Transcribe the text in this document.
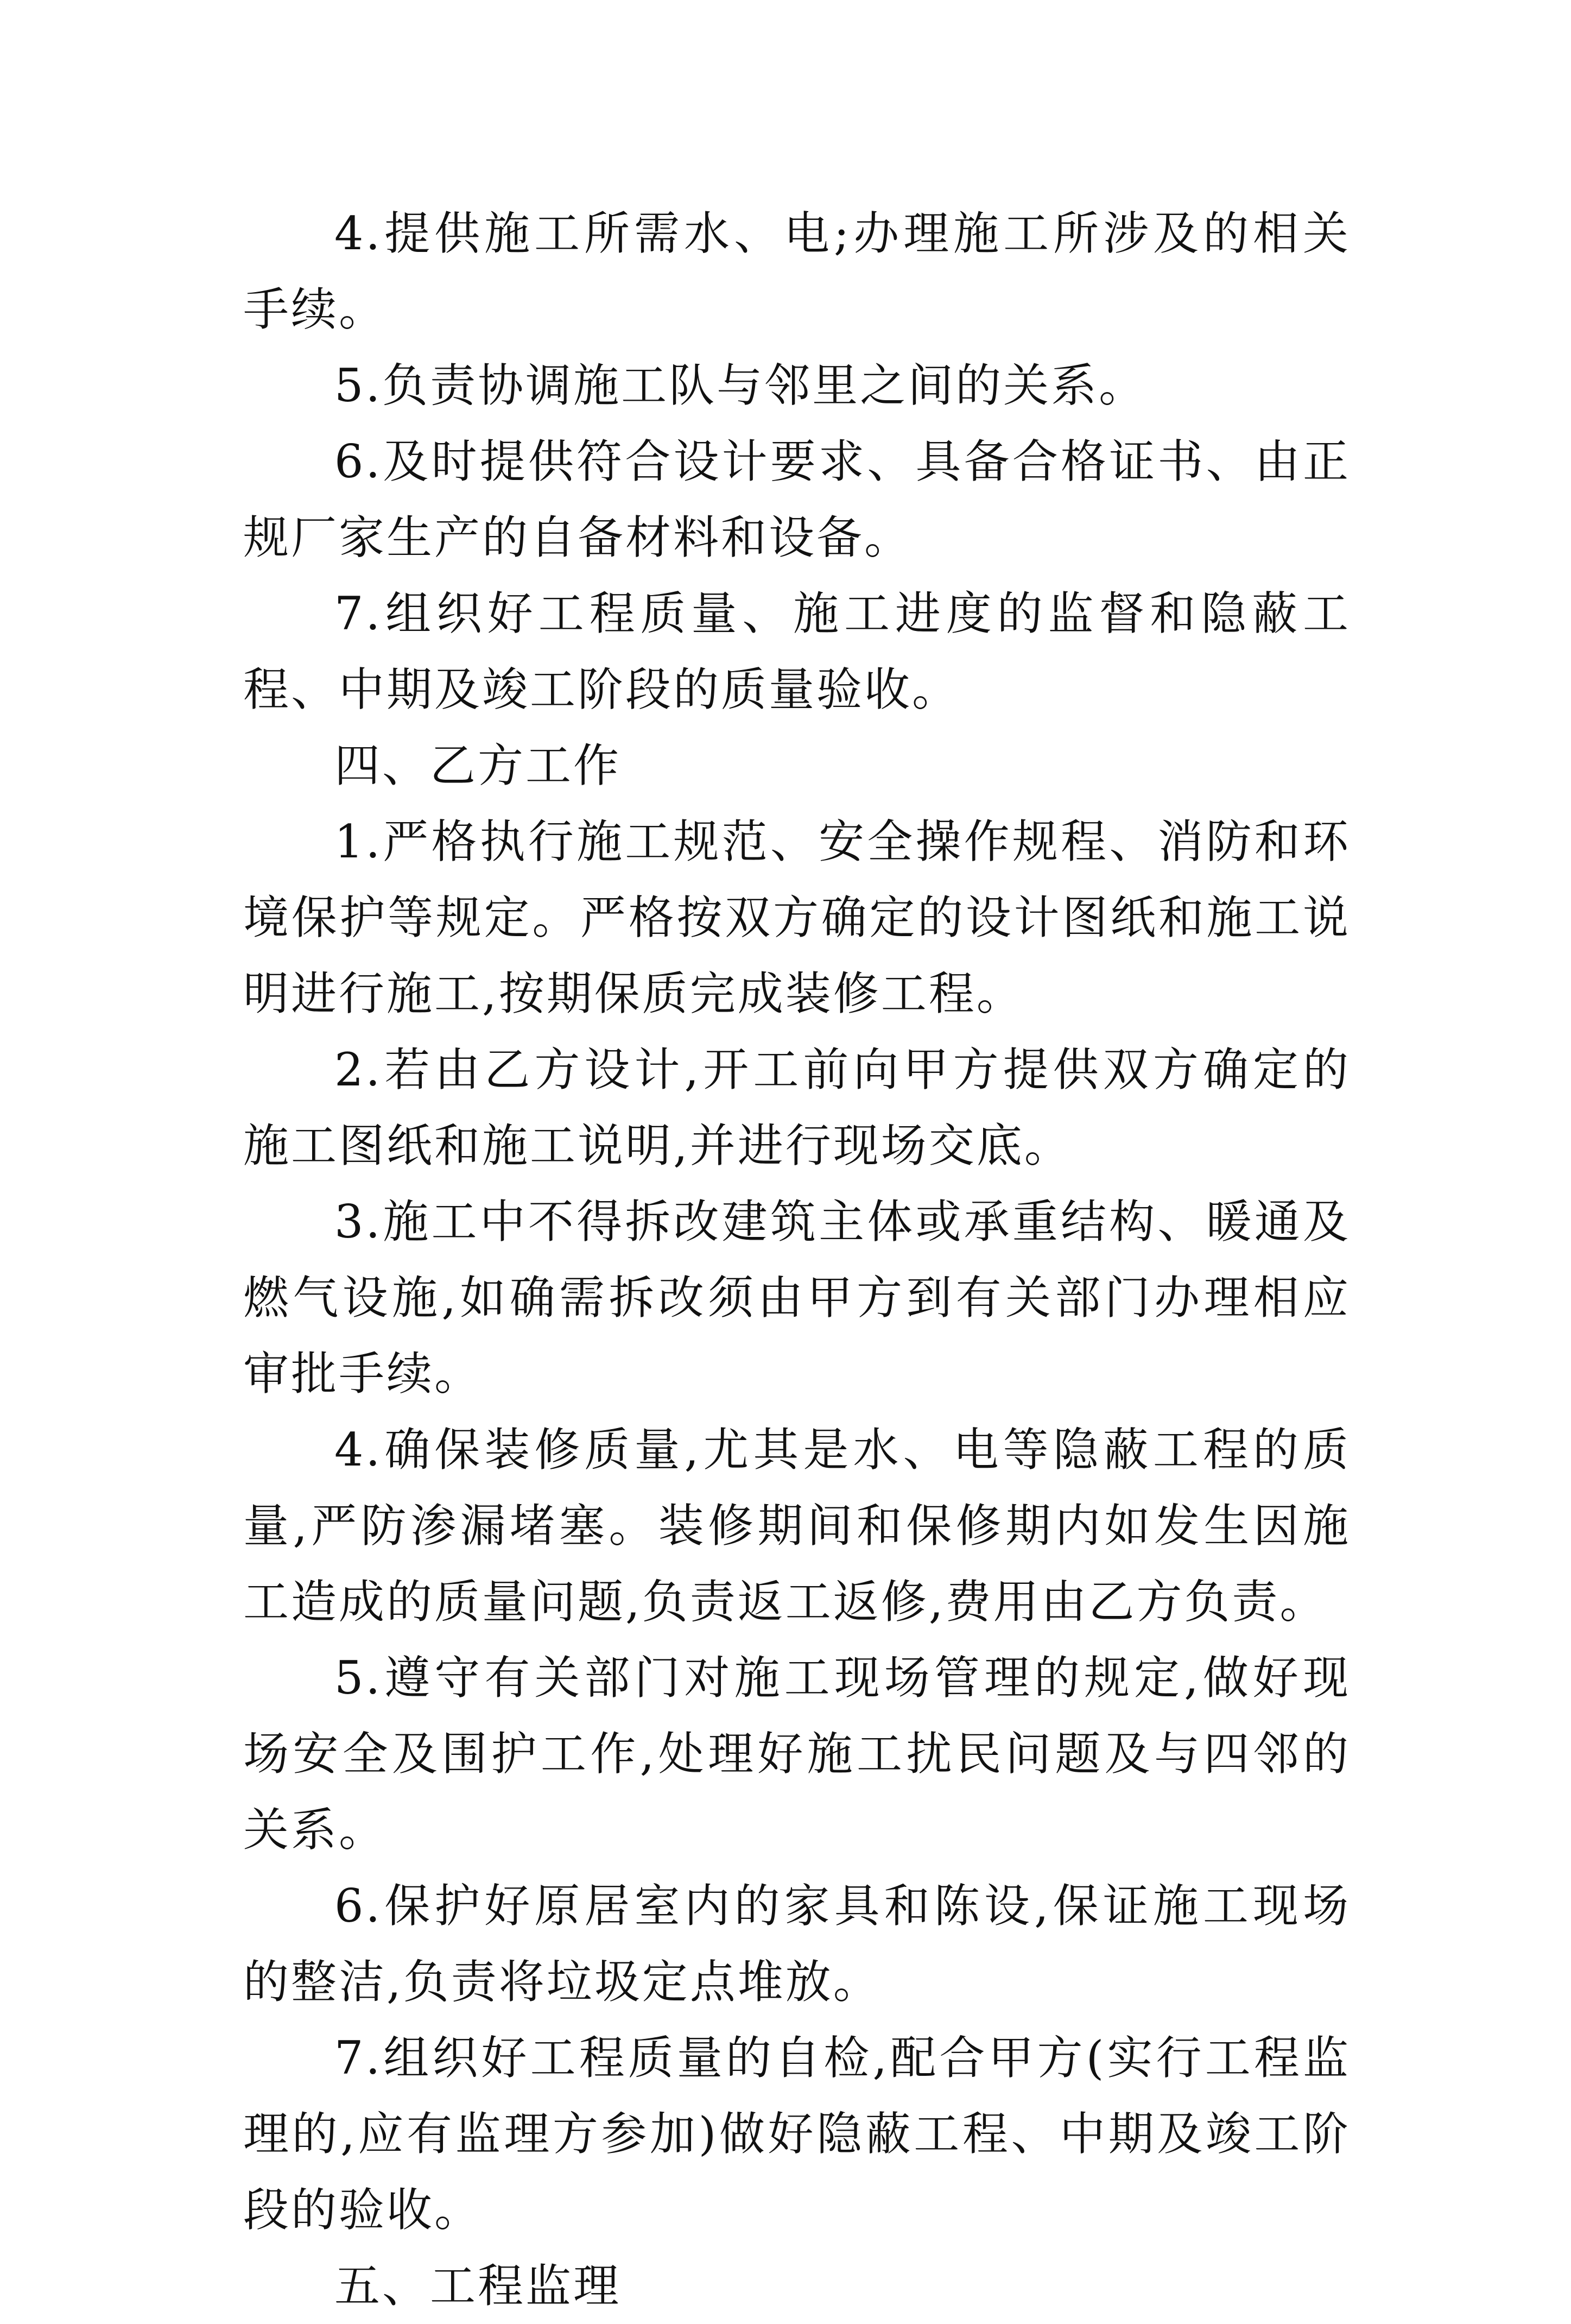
4.提供施工所需水、电;办理施工所涉及的相关手续。

5.负责协调施工队与邻里之间的关系。

6.及时提供符合设计要求、具备合格证书、由正规厂家生产的自备材料和设备。

7.组织好工程质量、施工进度的监督和隐蔽工程、中期及竣工阶段的质量验收。

四、乙方工作

1.严格执行施工规范、安全操作规程、消防和环境保护等规定。严格按双方确定的设计图纸和施工说明进行施工,按期保质完成装修工程。

2.若由乙方设计,开工前向甲方提供双方确定的施工图纸和施工说明,并进行现场交底。

3.施工中不得拆改建筑主体或承重结构、暖通及燃气设施,如确需拆改须由甲方到有关部门办理相应审批手续。

4.确保装修质量,尤其是水、电等隐蔽工程的质量,严防渗漏堵塞。装修期间和保修期内如发生因施工造成的质量问题,负责返工返修,费用由乙方负责。

5.遵守有关部门对施工现场管理的规定,做好现场安全及围护工作,处理好施工扰民问题及与四邻的关系。

6.保护好原居室内的家具和陈设,保证施工现场的整洁,负责将垃圾定点堆放。

7.组织好工程质量的自检,配合甲方(实行工程监理的,应有监理方参加)做好隐蔽工程、中期及竣工阶段的验收。

五、工程监理
